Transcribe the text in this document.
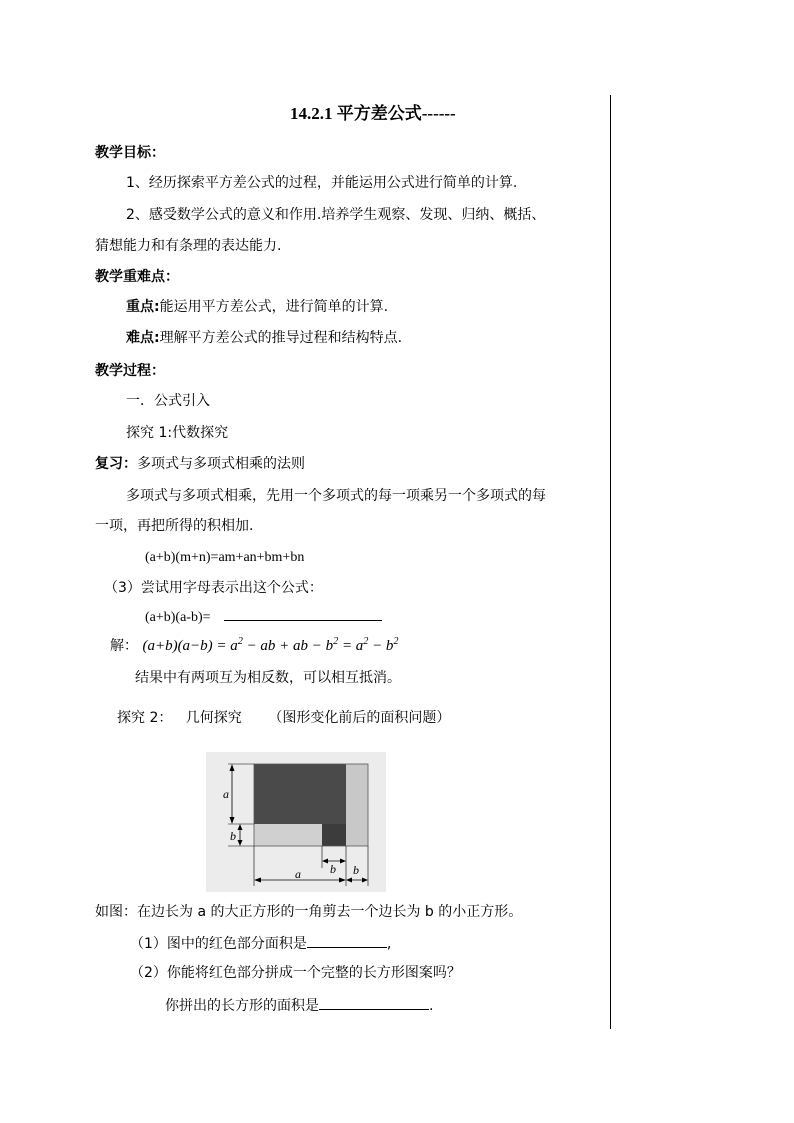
14.2.1 平方差公式------
教学目标：
1、经历探索平方差公式的过程，并能运用公式进行简单的计算.
2、感受数学公式的意义和作用.培养学生观察、发现、归纳、概括、
猜想能力和有条理的表达能力.
教学重难点：
重点:能运用平方差公式，进行简单的计算.
难点:理解平方差公式的推导过程和结构特点.
教学过程：
一．公式引入
探究 1:代数探究
复习：多项式与多项式相乘的法则
多项式与多项式相乘，先用一个多项式的每一项乘另一个多项式的每
一项，再把所得的积相加.
(a+b)(m+n)=am+an+bm+bn
（3）尝试用字母表示出这个公式：
(a+b)(a-b)=
解： $(a+b)(a-b) = a^2$ − ab + ab − $b^2 = a^2 - b^2$
结果中有两项互为相反数，可以相互抵消。
探究 2：   几何探究      （图形变化前后的面积问题）
a
b
b
a	b
如图：在边长为 a 的大正方形的一角剪去一个边长为 b 的小正方形。
（1）图中的红色部分面积是	,
（2）你能将红色部分拼成一个完整的长方形图案吗？
你拼出的长方形的面积是	.
